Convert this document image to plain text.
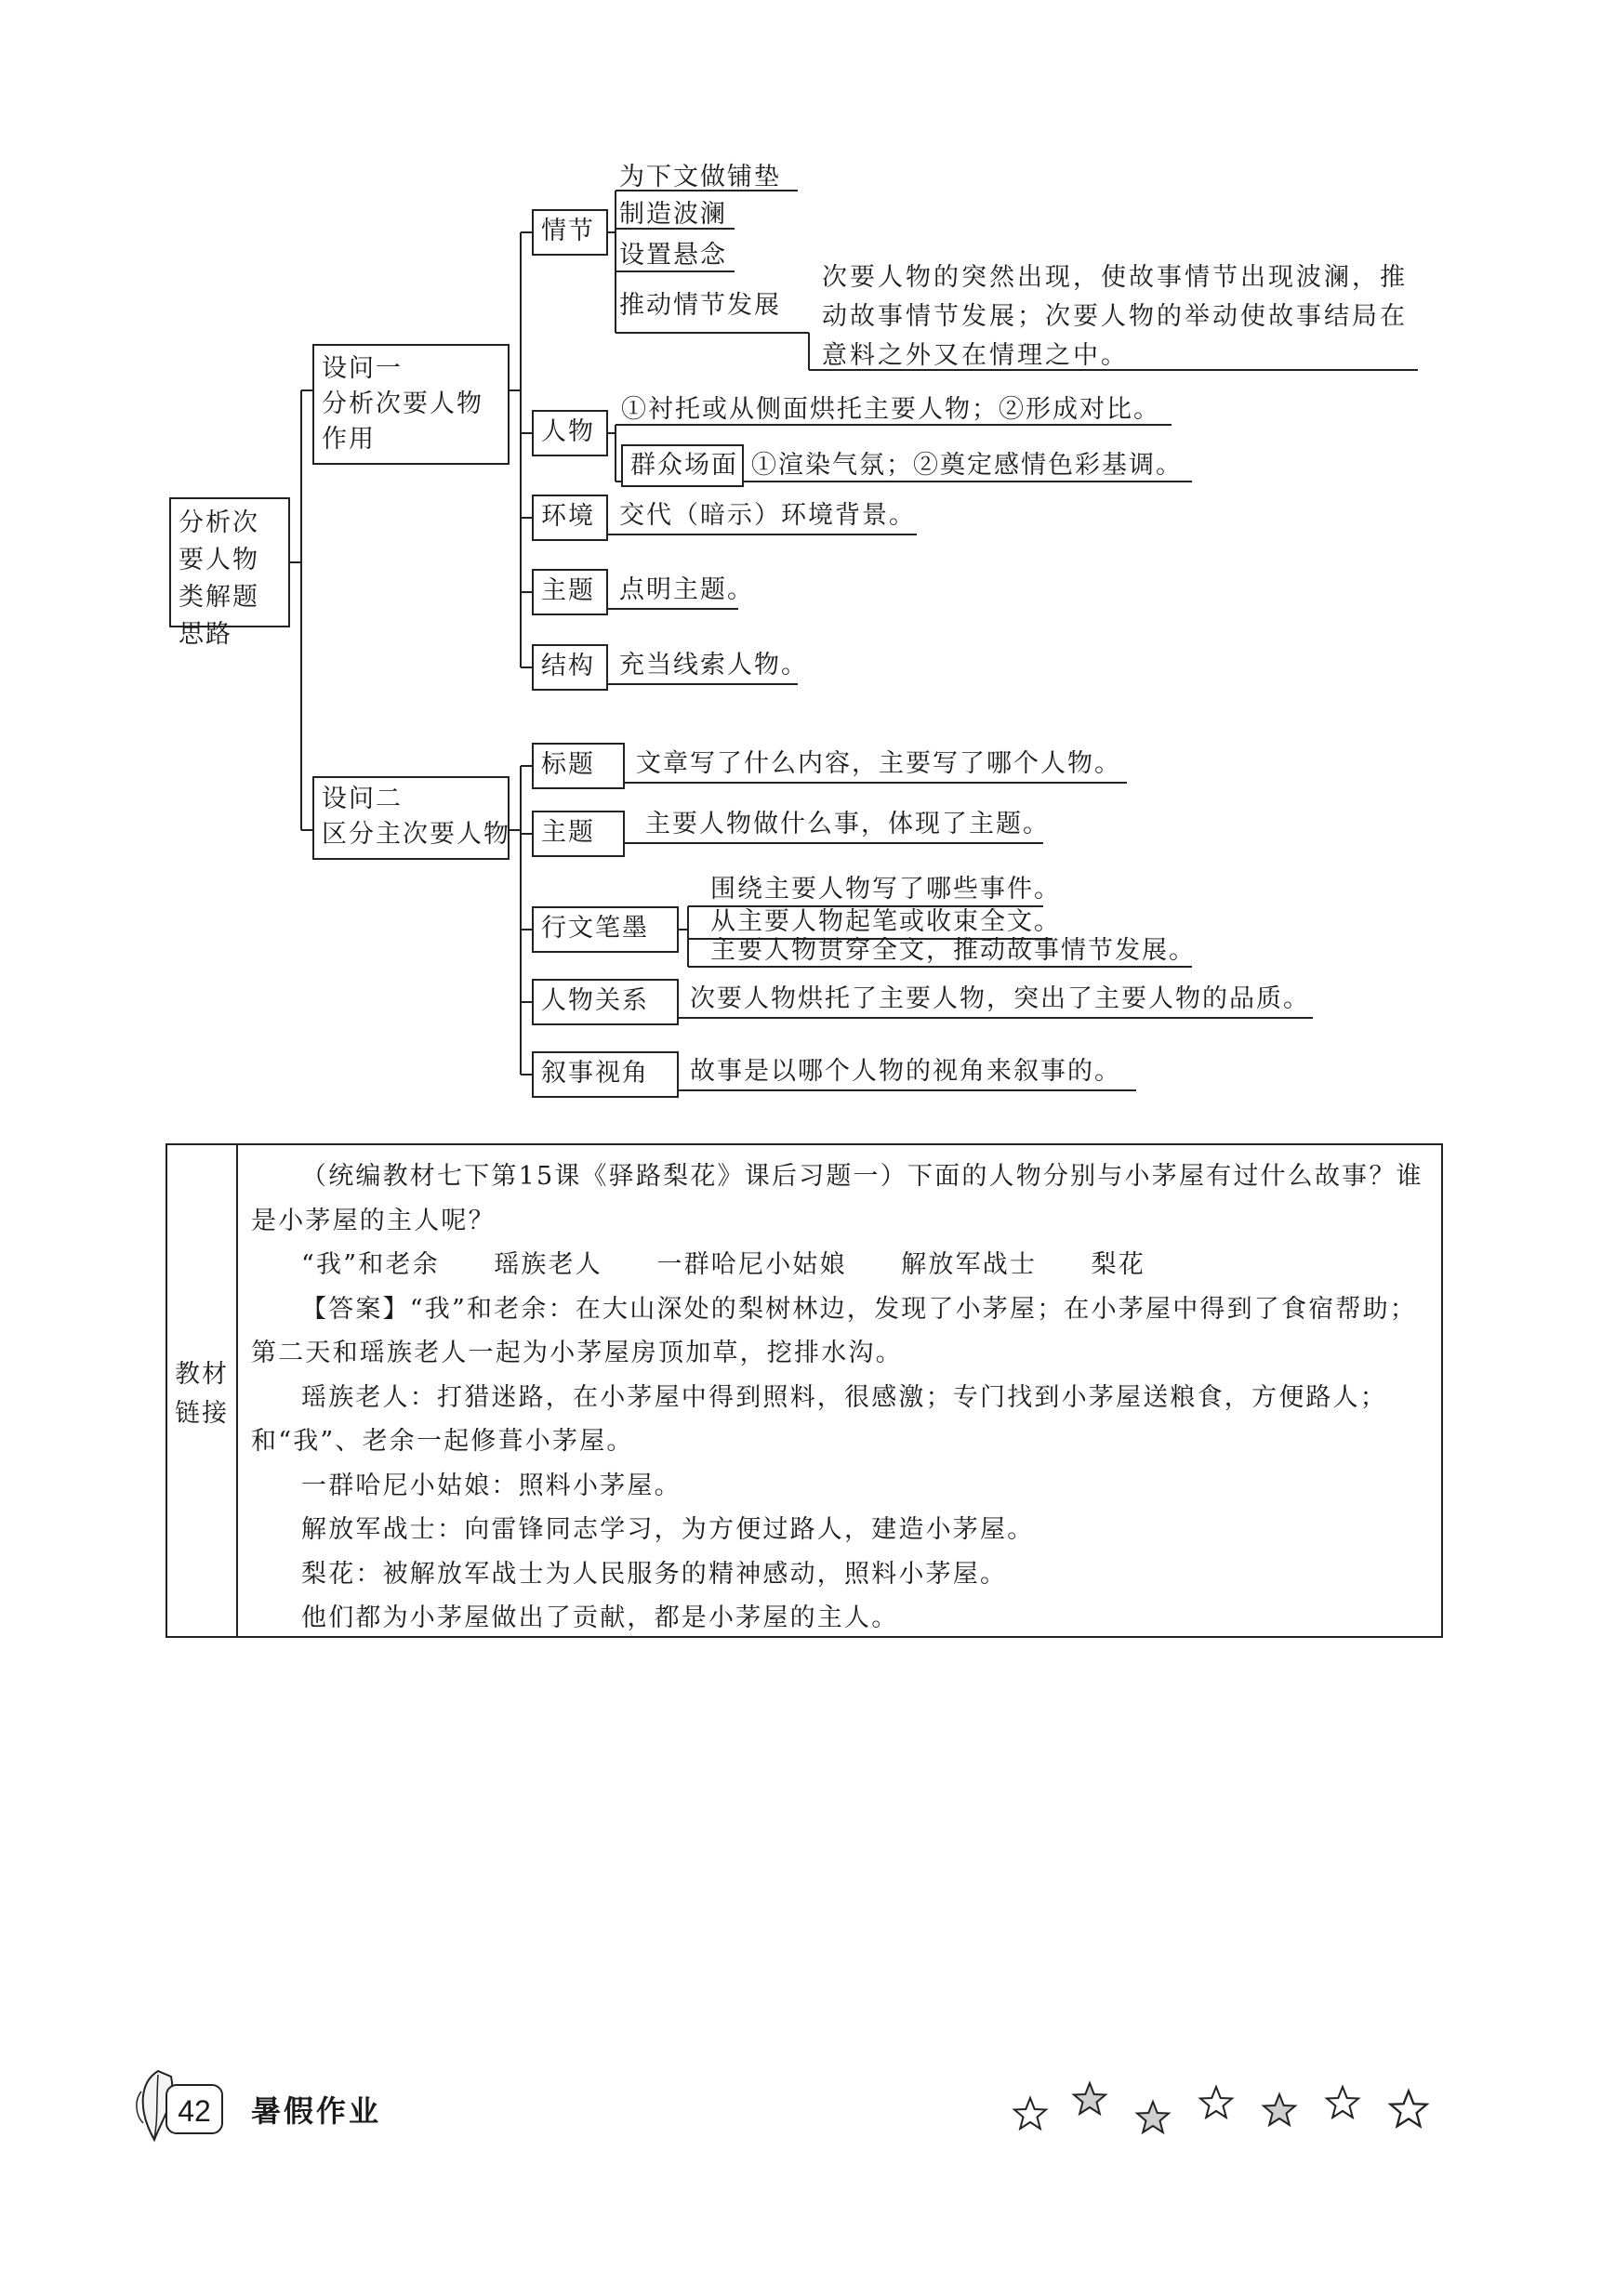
分析次要人物类解题思路
设问一
分析次要人物作用
设问二
区分主次要人物
情节
为下文做铺垫
制造波澜
设置悬念
推动情节发展
次要人物的突然出现，使故事情节出现波澜，推动故事情节发展；次要人物的举动使故事结局在意料之外又在情理之中。
人物
①衬托或从侧面烘托主要人物；②形成对比。
群众场面 ①渲染气氛；②奠定感情色彩基调。
环境 交代（暗示）环境背景。
主题 点明主题。
结构 充当线索人物。
标题	文章写了什么内容，主要写了哪个人物。
主题	主要人物做什么事，体现了主题。
行文笔墨
围绕主要人物写了哪些事件。
从主要人物起笔或收束全文。
主要人物贯穿全文，推动故事情节发展。
人物关系	次要人物烘托了主要人物，突出了主要人物的品质。
叙事视角	故事是以哪个人物的视角来叙事的。
教材链接

（统编教材七下第15课《驿路梨花》课后习题一）下面的人物分别与小茅屋有过什么故事？谁是小茅屋的主人呢？

“我”和老余　　瑶族老人　　一群哈尼小姑娘　　解放军战士　　梨花

【答案】“我”和老余：在大山深处的梨树林边，发现了小茅屋；在小茅屋中得到了食宿帮助；第二天和瑶族老人一起为小茅屋房顶加草，挖排水沟。

瑶族老人：打猎迷路，在小茅屋中得到照料，很感激；专门找到小茅屋送粮食，方便路人；和“我”、老余一起修葺小茅屋。

一群哈尼小姑娘：照料小茅屋。

解放军战士：向雷锋同志学习，为方便过路人，建造小茅屋。

梨花：被解放军战士为人民服务的精神感动，照料小茅屋。

他们都为小茅屋做出了贡献，都是小茅屋的主人。

42	暑假作业
